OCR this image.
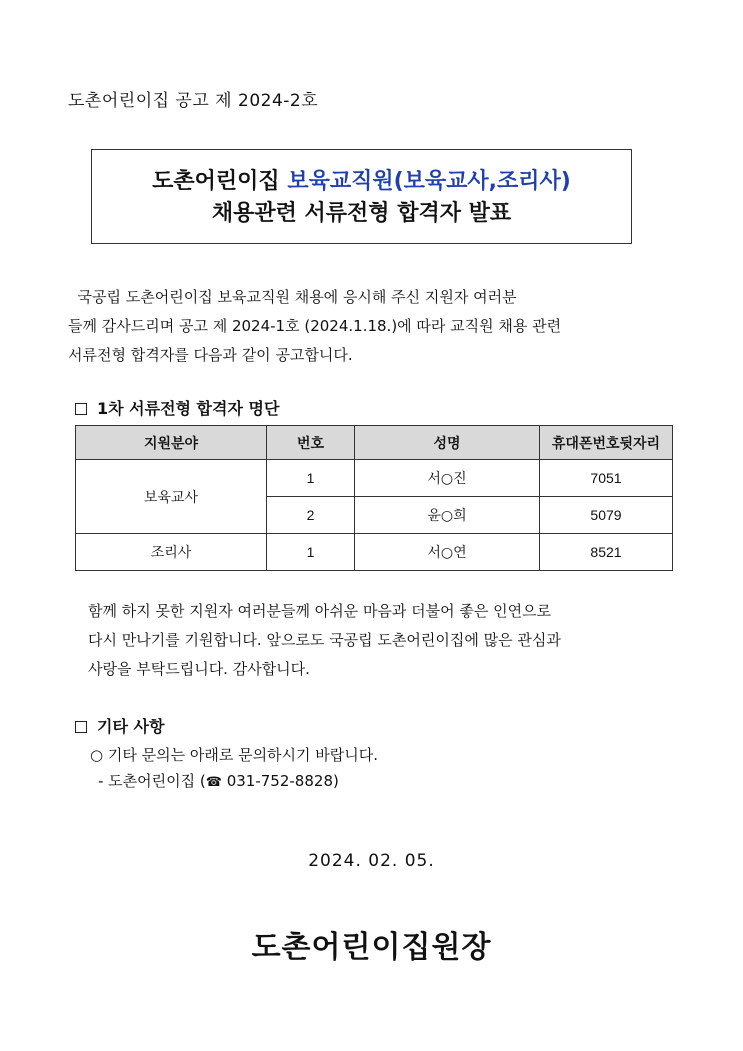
도촌어린이집 공고 제 2024-2호
도촌어린이집 보육교직원(보육교사,조리사)
채용관련 서류전형 합격자 발표

국공립 도촌어린이집 보육교직원 채용에 응시해 주신 지원자 여러분

들께 감사드리며 공고 제 2024-1호 (2024.1.18.)에 따라 교직원 채용 관련

서류전형 합격자를 다음과 같이 공고합니다.

1차 서류전형 합격자 명단
지원분야	번호	성명	휴대폰번호뒷자리
보육교사	1	서○진	7051
	2	윤○희	5079
조리사	1	서○연	8521

함께 하지 못한 지원자 여러분들께 아쉬운 마음과 더불어 좋은 인연으로

다시 만나기를 기원합니다. 앞으로도 국공립 도촌어린이집에 많은 관심과

사랑을 부탁드립니다. 감사합니다.

기타 사항
○ 기타 문의는 아래로 문의하시기 바랍니다.
- 도촌어린이집 (☎ 031-752-8828)
2024. 02. 05.
도촌어린이집원장
